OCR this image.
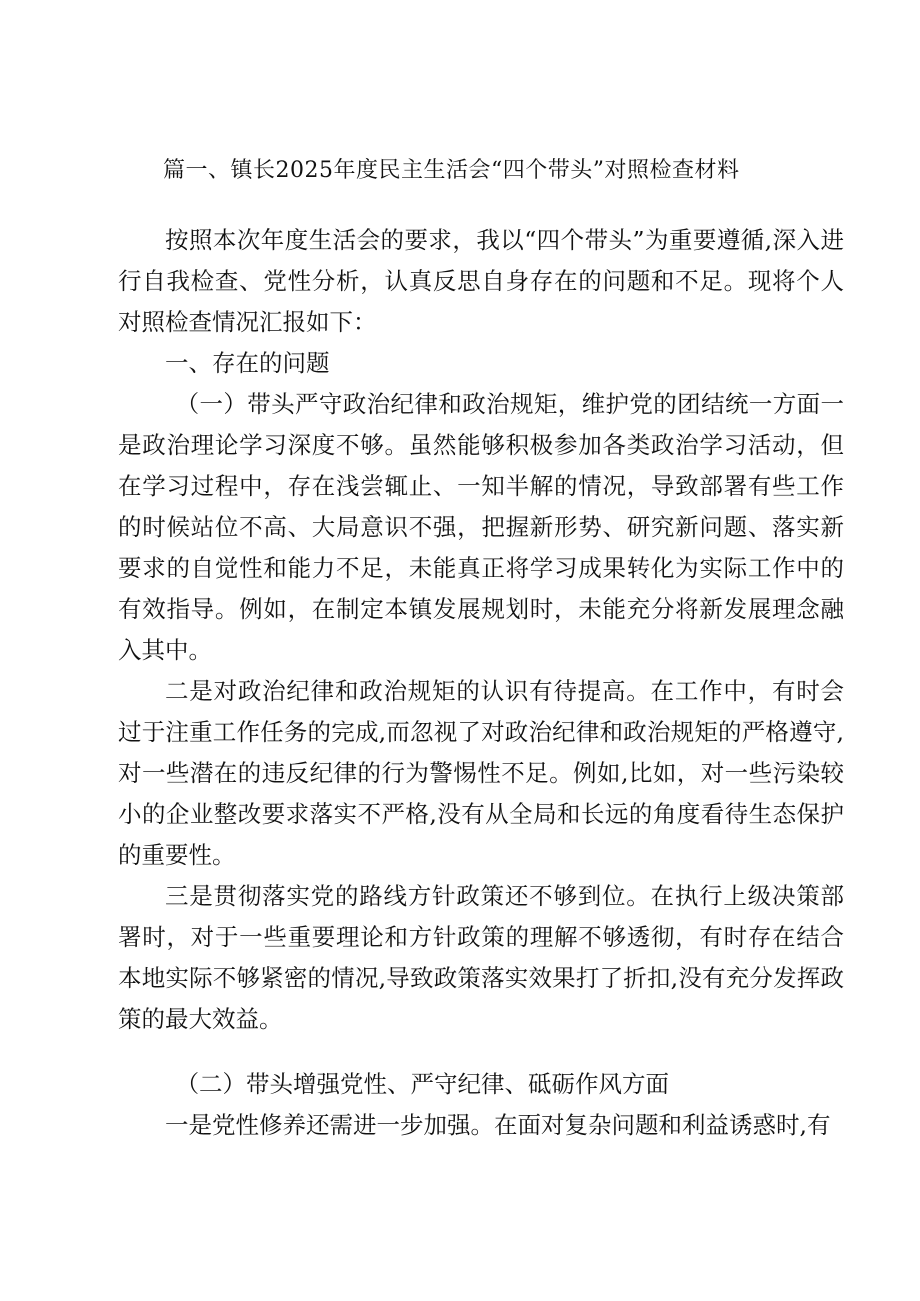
篇一、镇长2025年度民主生活会“四个带头”对照检查材料

按照本次年度生活会的要求，我以“四个带头”为重要遵循,深入进行自我检查、党性分析，认真反思自身存在的问题和不足。现将个人对照检查情况汇报如下：

一、存在的问题

（一）带头严守政治纪律和政治规矩，维护党的团结统一方面一是政治理论学习深度不够。虽然能够积极参加各类政治学习活动，但在学习过程中，存在浅尝辄止、一知半解的情况，导致部署有些工作的时候站位不高、大局意识不强，把握新形势、研究新问题、落实新要求的自觉性和能力不足，未能真正将学习成果转化为实际工作中的有效指导。例如，在制定本镇发展规划时，未能充分将新发展理念融入其中。

二是对政治纪律和政治规矩的认识有待提高。在工作中，有时会过于注重工作任务的完成,而忽视了对政治纪律和政治规矩的严格遵守,对一些潜在的违反纪律的行为警惕性不足。例如,比如，对一些污染较小的企业整改要求落实不严格,没有从全局和长远的角度看待生态保护的重要性。

三是贯彻落实党的路线方针政策还不够到位。在执行上级决策部署时，对于一些重要理论和方针政策的理解不够透彻，有时存在结合本地实际不够紧密的情况,导致政策落实效果打了折扣,没有充分发挥政策的最大效益。

（二）带头增强党性、严守纪律、砥砺作风方面

一是党性修养还需进一步加强。在面对复杂问题和利益诱惑时,有
